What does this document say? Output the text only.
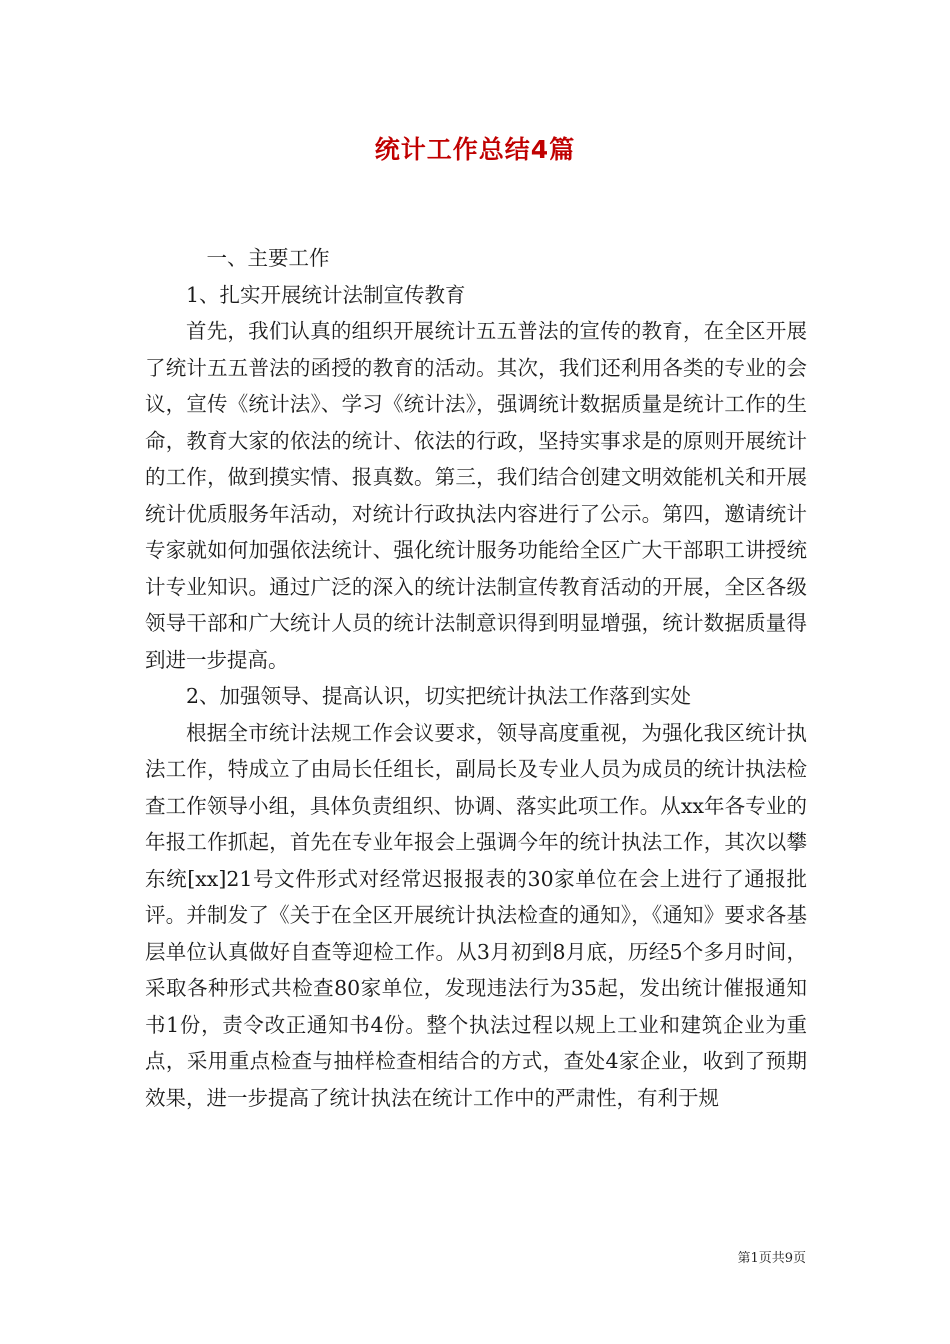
统计工作总结4篇

一、主要工作

1、扎实开展统计法制宣传教育

首先，我们认真的组织开展统计五五普法的宣传的教育，在全区开展了统计五五普法的函授的教育的活动。其次，我们还利用各类的专业的会议，宣传《统计法》、学习《统计法》，强调统计数据质量是统计工作的生命，教育大家的依法的统计、依法的行政，坚持实事求是的原则开展统计的工作，做到摸实情、报真数。第三，我们结合创建文明效能机关和开展统计优质服务年活动，对统计行政执法内容进行了公示。第四，邀请统计专家就如何加强依法统计、强化统计服务功能给全区广大干部职工讲授统计专业知识。通过广泛的深入的统计法制宣传教育活动的开展，全区各级领导干部和广大统计人员的统计法制意识得到明显增强，统计数据质量得到进一步提高。

2、加强领导、提高认识，切实把统计执法工作落到实处

根据全市统计法规工作会议要求，领导高度重视，为强化我区统计执法工作，特成立了由局长任组长，副局长及专业人员为成员的统计执法检查工作领导小组，具体负责组织、协调、落实此项工作。从xx年各专业的年报工作抓起，首先在专业年报会上强调今年的统计执法工作，其次以攀东统[xx]21号文件形式对经常迟报报表的30家单位在会上进行了通报批评。并制发了《关于在全区开展统计执法检查的通知》，《通知》要求各基层单位认真做好自查等迎检工作。从3月初到8月底，历经5个多月时间，采取各种形式共检查80家单位，发现违法行为35起，发出统计催报通知书1份，责令改正通知书4份。整个执法过程以规上工业和建筑企业为重点，采用重点检查与抽样检查相结合的方式，查处4家企业，收到了预期效果，进一步提高了统计执法在统计工作中的严肃性，有利于规

第1页共9页
